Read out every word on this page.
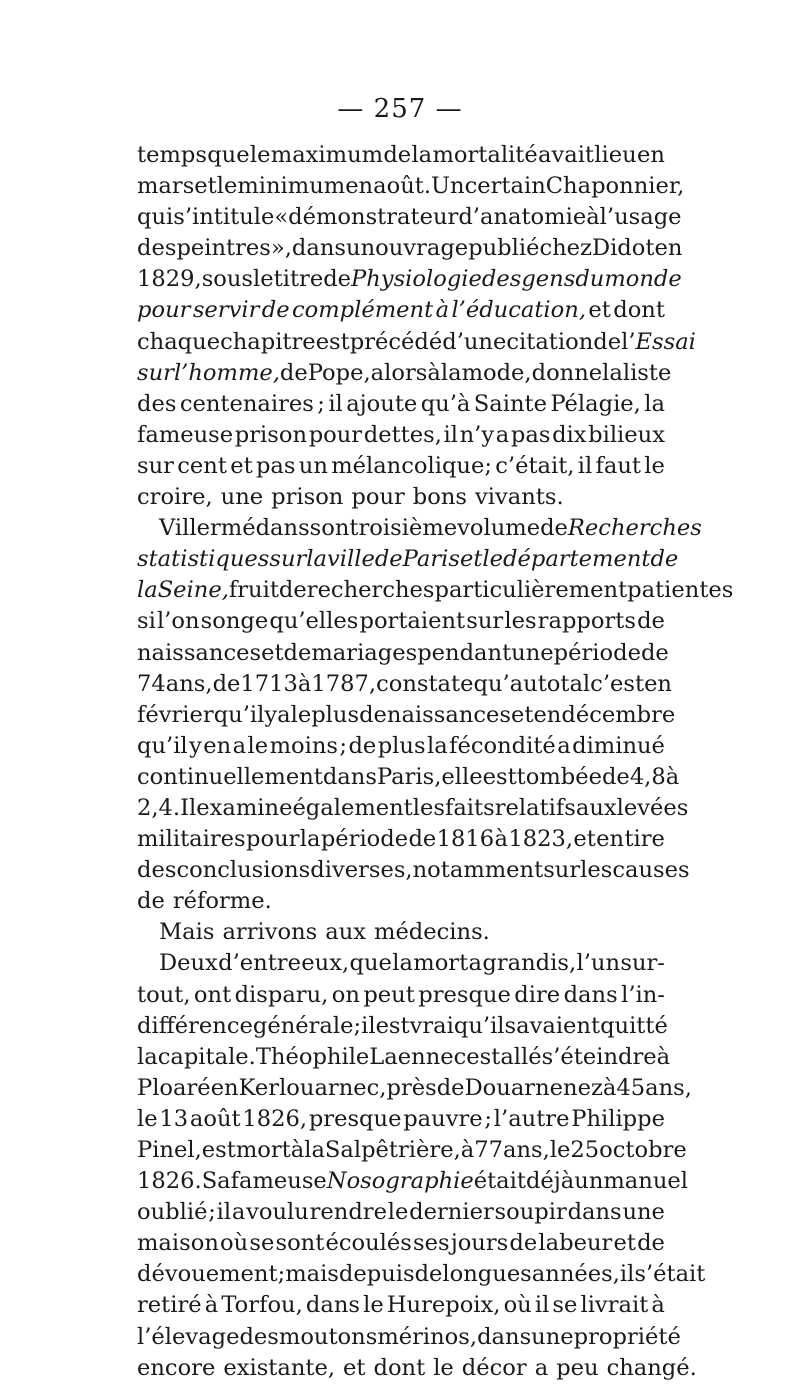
— 257 —
temps que le maximum de la mortalité avait lieu en
mars et le minimum en août. Un certain Chaponnier,
qui s’intitule « démonstrateur d’anatomie à l’usage
des peintres », dans un ouvrage publié chez Didot en
1829, sous le titre de Physiologie des gens du monde
pour servir de complément à l’éducation, et dont
chaque chapitre est précédé d’une citation de l’Essai
sur l’homme, de Pope, alors à la mode, donne la liste
des centenaires ; il ajoute qu’à Sainte Pélagie, la
fameuse prison pour dettes, il n’y a pas dix bilieux
sur cent et pas un mélancolique; c’était, il faut le
croire, une prison pour bons vivants.
Villermé dans son troisième volume de Recherches
statistiques sur la ville de Paris et le département de
la Seine, fruit de recherches particulièrement patientes
si l’on songe qu’elles portaient sur les rapports de
naissances et de mariages pendant une période de
74 ans, de 1713 à 1787, constate qu’au total c’est en
février qu’il y a le plus de naissances et en décembre
qu’il y en a le moins ; de plus la fécondité a diminué
continuellement dans Paris, elle est tombée de 4,8 à
2,4. Il examine également les faits relatifs aux levées
militaires pour la période de 1816 à 1823, et en tire
des conclusions diverses, notamment sur les causes
de réforme.
Mais arrivons aux médecins.
Deux d’entre eux, que la mort a grandis, l’un sur-
tout, ont disparu, on peut presque dire dans l’in-
différence générale ; il est vrai qu’ils avaient quitté
la capitale. Théophile Laennec est allé s’éteindre à
Ploaré en Kerlouarnec, près de Douarnenez à 45 ans,
le 13 août 1826, presque pauvre ; l’autre Philippe
Pinel, est mort à la Salpêtrière, à 77 ans, le 25 octobre
1826. Sa fameuse Nosographie était déjà un manuel
oublié ; il a voulu rendre le dernier soupir dans une
maison où se sont écoulés ses jours de labeur et de
dévouement ; mais depuis de longues années, il s’était
retiré à Torfou, dans le Hurepoix, où il se livrait à
l’élevage des moutons mérinos, dans une propriété
encore existante, et dont le décor a peu changé.
